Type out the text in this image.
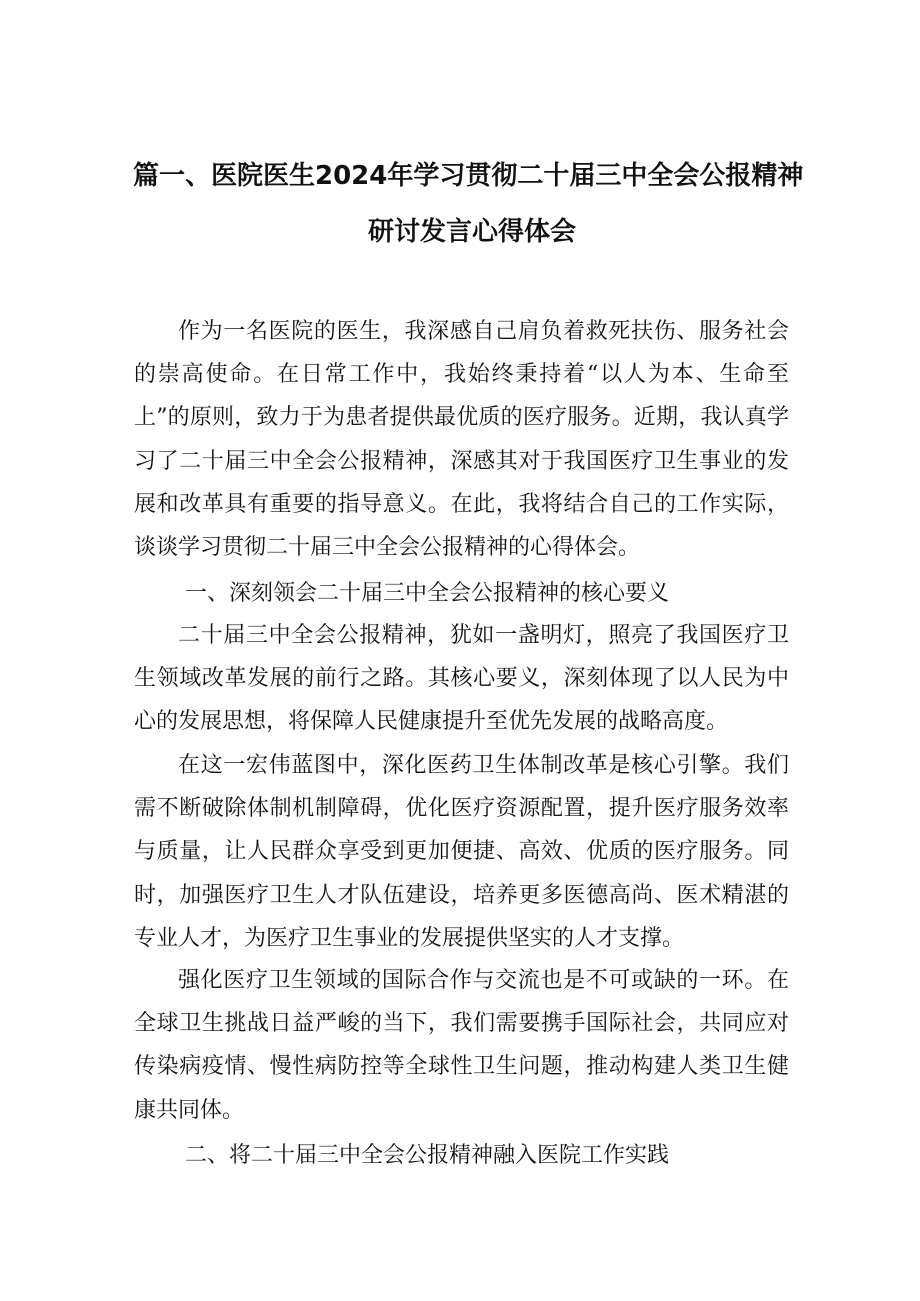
篇一、医院医生2024年学习贯彻二十届三中全会公报精神
研讨发言心得体会

作为一名医院的医生，我深感自己肩负着救死扶伤、服务社会的崇高使命。在日常工作中，我始终秉持着“以人为本、生命至上”的原则，致力于为患者提供最优质的医疗服务。近期，我认真学习了二十届三中全会公报精神，深感其对于我国医疗卫生事业的发展和改革具有重要的指导意义。在此，我将结合自己的工作实际，谈谈学习贯彻二十届三中全会公报精神的心得体会。

一、深刻领会二十届三中全会公报精神的核心要义

二十届三中全会公报精神，犹如一盏明灯，照亮了我国医疗卫生领域改革发展的前行之路。其核心要义，深刻体现了以人民为中心的发展思想，将保障人民健康提升至优先发展的战略高度。

在这一宏伟蓝图中，深化医药卫生体制改革是核心引擎。我们需不断破除体制机制障碍，优化医疗资源配置，提升医疗服务效率与质量，让人民群众享受到更加便捷、高效、优质的医疗服务。同时，加强医疗卫生人才队伍建设，培养更多医德高尚、医术精湛的专业人才，为医疗卫生事业的发展提供坚实的人才支撑。

强化医疗卫生领域的国际合作与交流也是不可或缺的一环。在全球卫生挑战日益严峻的当下，我们需要携手国际社会，共同应对传染病疫情、慢性病防控等全球性卫生问题，推动构建人类卫生健康共同体。

二、将二十届三中全会公报精神融入医院工作实践
